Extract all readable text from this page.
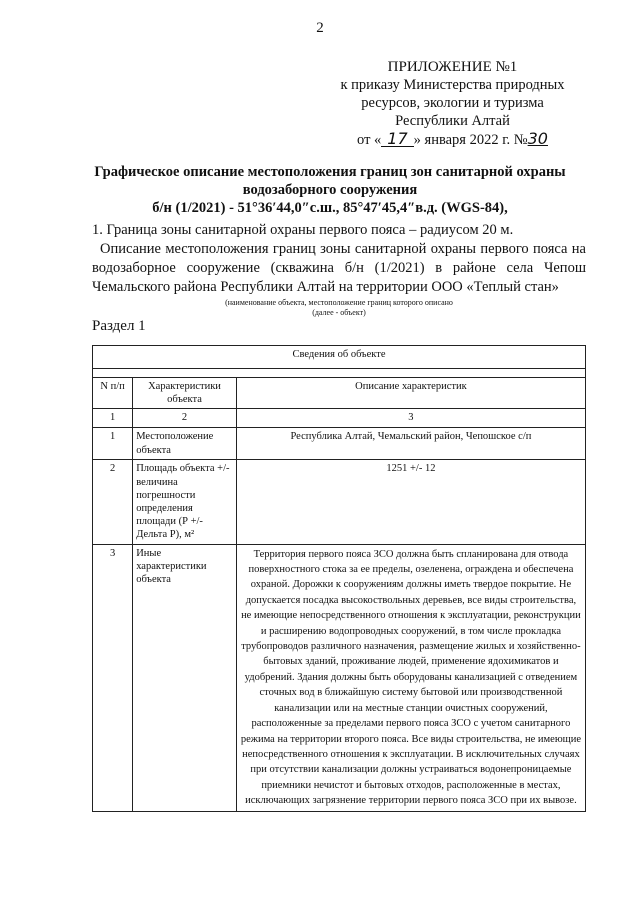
2
ПРИЛОЖЕНИЕ №1
к приказу Министерства природных
ресурсов, экологии и туризма
Республики Алтай
от « 17 » января 2022 г. №30
Графическое описание местоположения границ зон санитарной охраны
водозаборного сооружения
б/н (1/2021) - 51°36′44,0″с.ш., 85°47′45,4″в.д. (WGS-84),
1. Граница зоны санитарной охраны первого пояса – радиусом 20 м.
Описание местоположения границ зоны санитарной охраны первого пояса на
водозаборное сооружение (скважина б/н (1/2021) в районе села Чепош
Чемальского района Республики Алтай на территории ООО «Теплый стан»
(наименование объекта, местоположение границ которого описано
(далее - объект)
Раздел 1
Сведения об объекте		

N п/п	Характеристики объекта	Описание характеристик
1	2	3
1	Местоположение объекта	Республика Алтай, Чемальский район, Чепошское с/п
2	Площадь объекта +/- величина погрешности определения площади (Р +/- Дельта Р), м²	1251 +/- 12
3	Иные характеристики объекта	Территория первого пояса ЗСО должна быть спланирована для отвода поверхностного стока за ее пределы, озеленена, ограждена и обеспечена охраной. Дорожки к сооружениям должны иметь твердое покрытие. Не допускается посадка высокоствольных деревьев, все виды строительства, не имеющие непосредственного отношения к эксплуатации, реконструкции и расширению водопроводных сооружений, в том числе прокладка трубопроводов различного назначения, размещение жилых и хозяйственно-бытовых зданий, проживание людей, применение ядохимикатов и удобрений. Здания должны быть оборудованы канализацией с отведением сточных вод в ближайшую систему бытовой или производственной канализации или на местные станции очистных сооружений, расположенные за пределами первого пояса ЗСО с учетом санитарного режима на территории второго пояса. Все виды строительства, не имеющие непосредственного отношения к эксплуатации. В исключительных случаях при отсутствии канализации должны устраиваться водонепроницаемые приемники нечистот и бытовых отходов, расположенные в местах, исключающих загрязнение территории первого пояса ЗСО при их вывозе.
